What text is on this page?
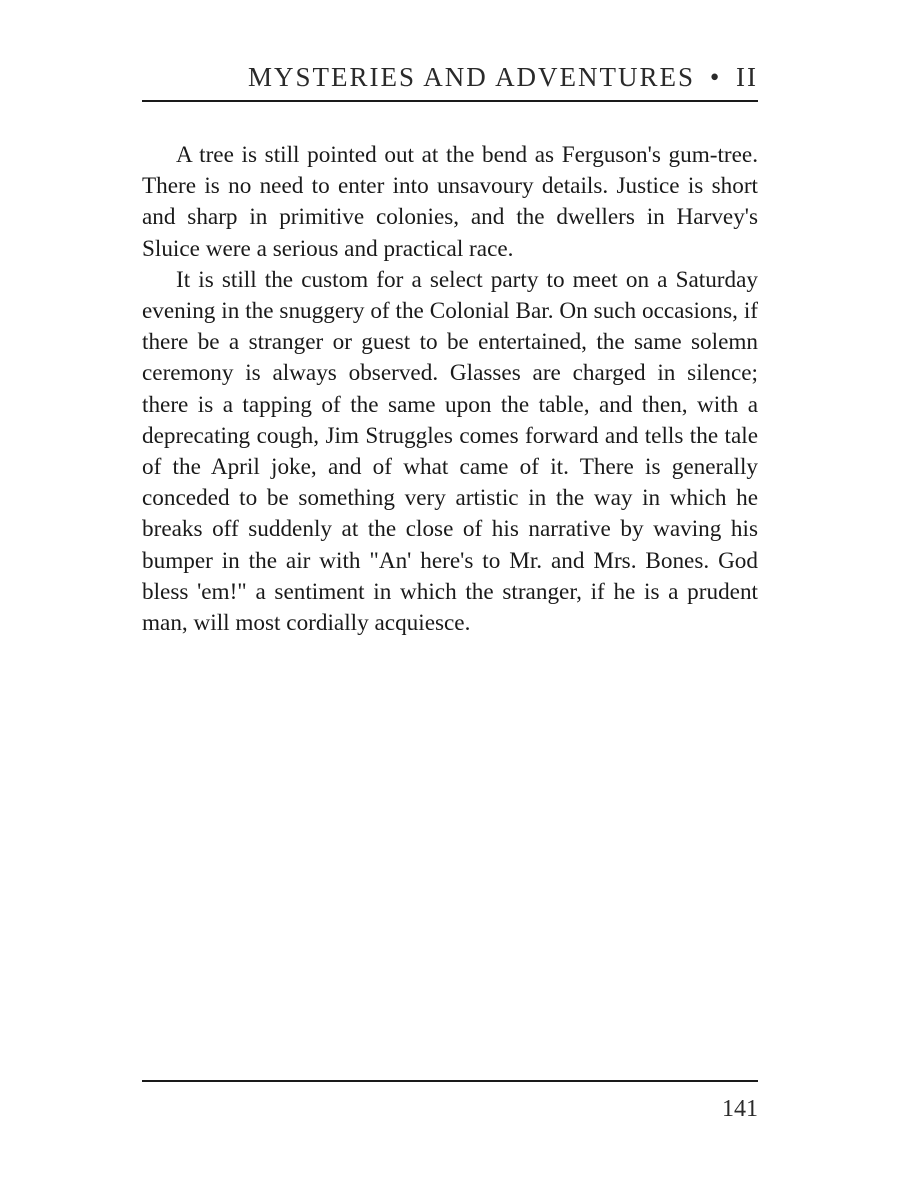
MYSTERIES AND ADVENTURES • II

A tree is still pointed out at the bend as Ferguson's gum-tree. There is no need to enter into unsavoury details. Justice is short and sharp in primitive colonies, and the dwellers in Harvey's Sluice were a serious and practical race.

It is still the custom for a select party to meet on a Saturday evening in the snuggery of the Colonial Bar. On such occasions, if there be a stranger or guest to be entertained, the same solemn ceremony is always observed. Glasses are charged in silence; there is a tapping of the same upon the table, and then, with a deprecating cough, Jim Struggles comes forward and tells the tale of the April joke, and of what came of it. There is generally conceded to be something very artistic in the way in which he breaks off suddenly at the close of his narrative by waving his bumper in the air with "An' here's to Mr. and Mrs. Bones. God bless 'em!" a sentiment in which the stranger, if he is a prudent man, will most cordially acquiesce.

141
